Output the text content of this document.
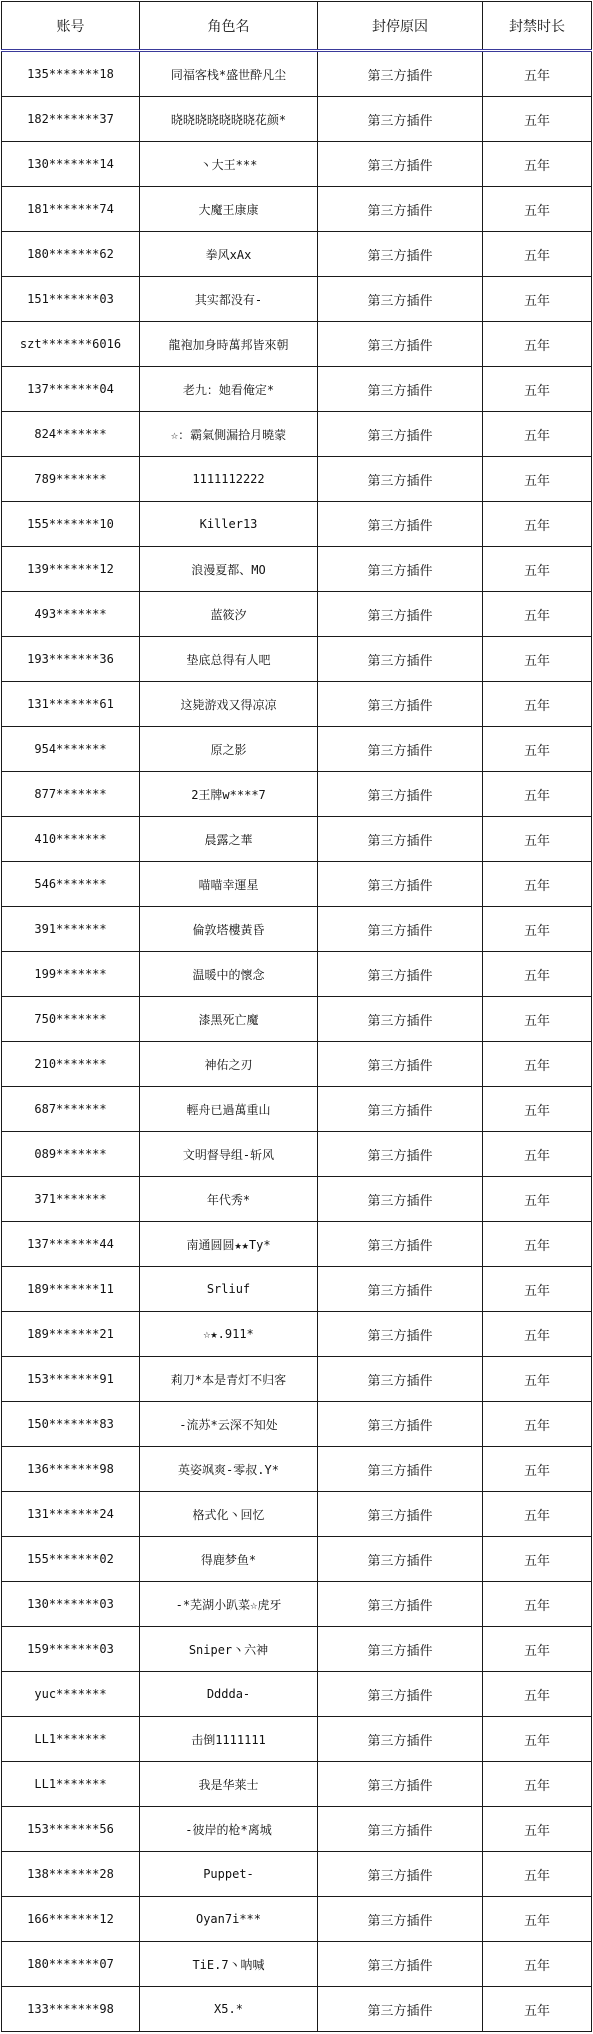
账号	角色名	封停原因	封禁时长
135*******18	同福客栈*盛世酔凡尘	第三方插件	五年
182*******37	晓晓晓晓晓晓晓花颜*	第三方插件	五年
130*******14	丶大王***	第三方插件	五年
181*******74	大魔王康康	第三方插件	五年
180*******62	拳风xAx	第三方插件	五年
151*******03	其实都没有-	第三方插件	五年
szt*******6016	龍袍加身時萬邦皆來朝	第三方插件	五年
137*******04	老九：她看俺定*	第三方插件	五年
824*******	☆：霸氣側漏拾月曉蒙	第三方插件	五年
789*******	1111112222	第三方插件	五年
155*******10	Killer13	第三方插件	五年
139*******12	浪漫夏都、MO	第三方插件	五年
493*******	蓝筱汐	第三方插件	五年
193*******36	垫底总得有人吧	第三方插件	五年
131*******61	这毙游戏又得凉凉	第三方插件	五年
954*******	原之影	第三方插件	五年
877*******	2王牌w****7	第三方插件	五年
410*******	晨露之華	第三方插件	五年
546*******	喵喵幸運星	第三方插件	五年
391*******	倫敦塔樓黃昏	第三方插件	五年
199*******	温暖中的懷念	第三方插件	五年
750*******	漆黑死亡魔	第三方插件	五年
210*******	神佑之刃	第三方插件	五年
687*******	輕舟已過萬重山	第三方插件	五年
089*******	文明督导组-斩风	第三方插件	五年
371*******	年代秀*	第三方插件	五年
137*******44	南通圆圆★★Ty*	第三方插件	五年
189*******11	Srliuf	第三方插件	五年
189*******21	☆★.911*	第三方插件	五年
153*******91	莉刀*本是青灯不归客	第三方插件	五年
150*******83	-流苏*云深不知处	第三方插件	五年
136*******98	英姿飒爽-零叔.Y*	第三方插件	五年
131*******24	格式化丶回忆	第三方插件	五年
155*******02	得鹿梦鱼*	第三方插件	五年
130*******03	-*芜湖小趴菜☆虎牙	第三方插件	五年
159*******03	Sniper丶六神	第三方插件	五年
yuc*******	Dddda-	第三方插件	五年
LL1*******	击倒1111111	第三方插件	五年
LL1*******	我是华莱士	第三方插件	五年
153*******56	-彼岸的枪*离城	第三方插件	五年
138*******28	Puppet-	第三方插件	五年
166*******12	Oyan7i***	第三方插件	五年
180*******07	TiE.7丶呐喊	第三方插件	五年
133*******98	X5.*	第三方插件	五年
